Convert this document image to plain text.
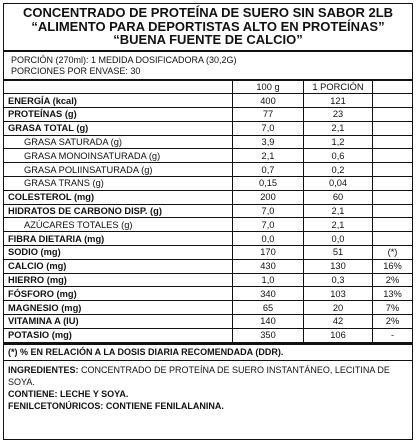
CONCENTRADO DE PROTEÍNA DE SUERO SIN SABOR 2LB
“ALIMENTO PARA DEPORTISTAS ALTO EN PROTEÍNAS”
“BUENA FUENTE DE CALCIO”
PORCIÓN (270ml): 1 MEDIDA DOSIFICADORA (30,2G)
PORCIONES POR ENVASE: 30
	100 g	1 PORCIÓN	
ENERGÍA (kcal)	400	121	
PROTEÍNAS (g)	77	23	
GRASA TOTAL (g)	7,0	2,1	
GRASA SATURADA (g)	3,9	1,2	
GRASA MONOINSATURADA (g)	2,1	0,6	
GRASA POLIINSATURADA (g)	0,7	0,2	
GRASA TRANS (g)	0,15	0,04	
COLESTEROL (mg)	200	60	
HIDRATOS DE CARBONO DISP. (g)	7,0	2,1	
AZÚCARES TOTALES (g)	7,0	2,1	
FIBRA DIETARIA (mg)	0,0	0,0	
SODIO (mg)	170	51	(*)
CALCIO (mg)	430	130	16%
HIERRO (mg)	1,0	0,3	2%
FÓSFORO (mg)	340	103	13%
MAGNESIO (mg)	65	20	7%
VITAMINA A (IU)	140	42	2%
POTASIO (mg)	350	106	-
(*) % EN RELACIÓN A LA DOSIS DIARIA RECOMENDADA (DDR).
INGREDIENTES: CONCENTRADO DE PROTEÍNA DE SUERO INSTANTÁNEO, LECITINA DE SOYA.
CONTIENE: LECHE Y SOYA.
FENILCETONÚRICOS: CONTIENE FENILALANINA.
